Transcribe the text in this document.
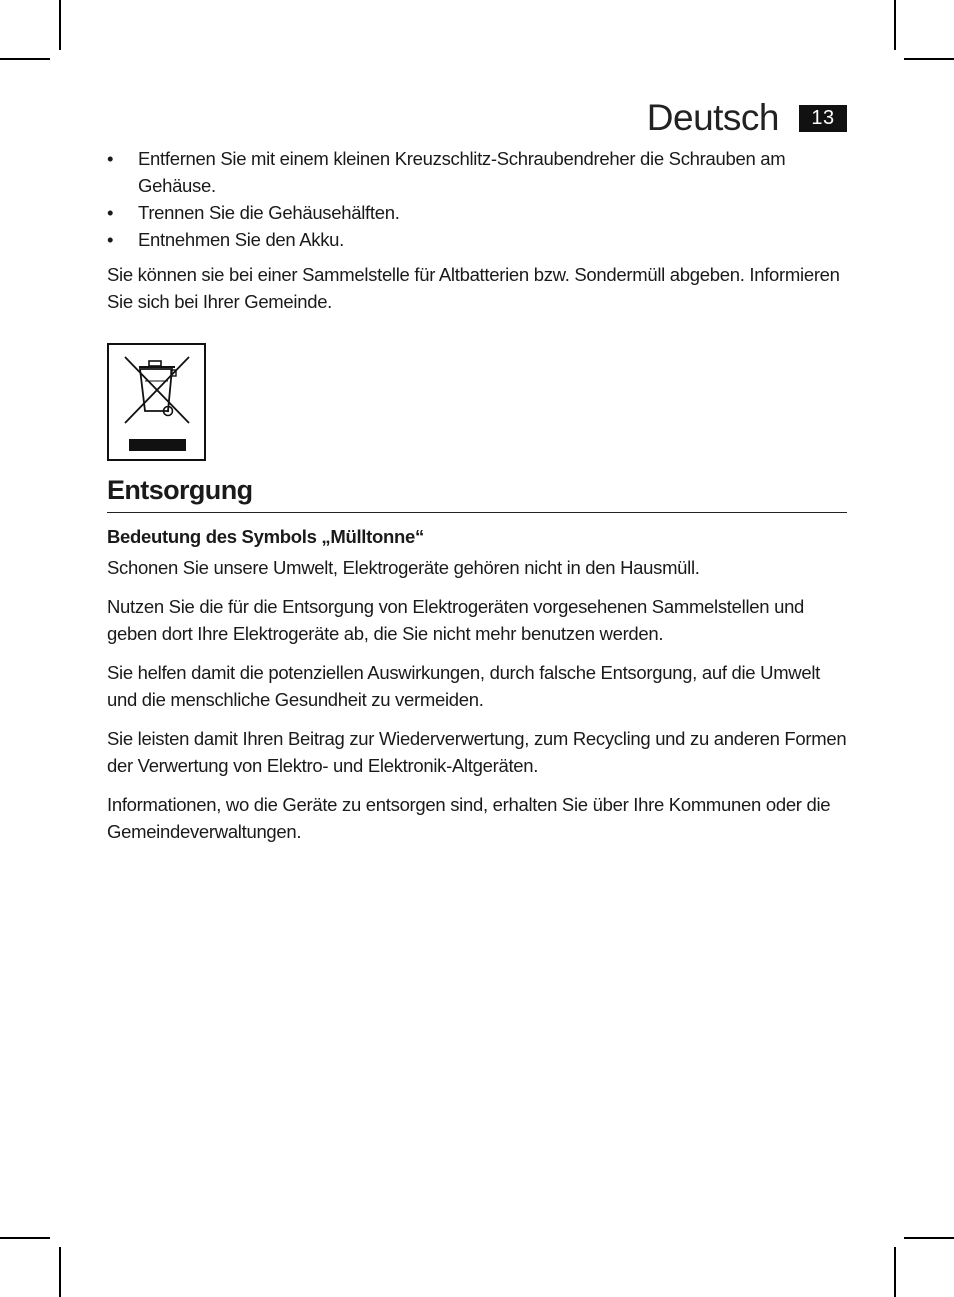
Deutsch	13
• Entfernen Sie mit einem kleinen Kreuzschlitz-Schraubendreher die Schrauben am Gehäuse.
• Trennen Sie die Gehäusehälften.
• Entnehmen Sie den Akku.

Sie können sie bei einer Sammelstelle für Altbatterien bzw. Sondermüll abgeben. Informieren Sie sich bei Ihrer Gemeinde.

Entsorgung
Bedeutung des Symbols „Mülltonne“

Schonen Sie unsere Umwelt, Elektrogeräte gehören nicht in den Hausmüll.

Nutzen Sie die für die Entsorgung von Elektrogeräten vorgesehenen Sammelstellen und geben dort Ihre Elektrogeräte ab, die Sie nicht mehr benutzen werden.

Sie helfen damit die potenziellen Auswirkungen, durch falsche Entsorgung, auf die Umwelt und die menschliche Gesundheit zu vermeiden.

Sie leisten damit Ihren Beitrag zur Wiederverwertung, zum Recycling und zu anderen Formen der Verwertung von Elektro- und Elektronik-Altgeräten.

Informationen, wo die Geräte zu entsorgen sind, erhalten Sie über Ihre Kommunen oder die Gemeindeverwaltungen.
